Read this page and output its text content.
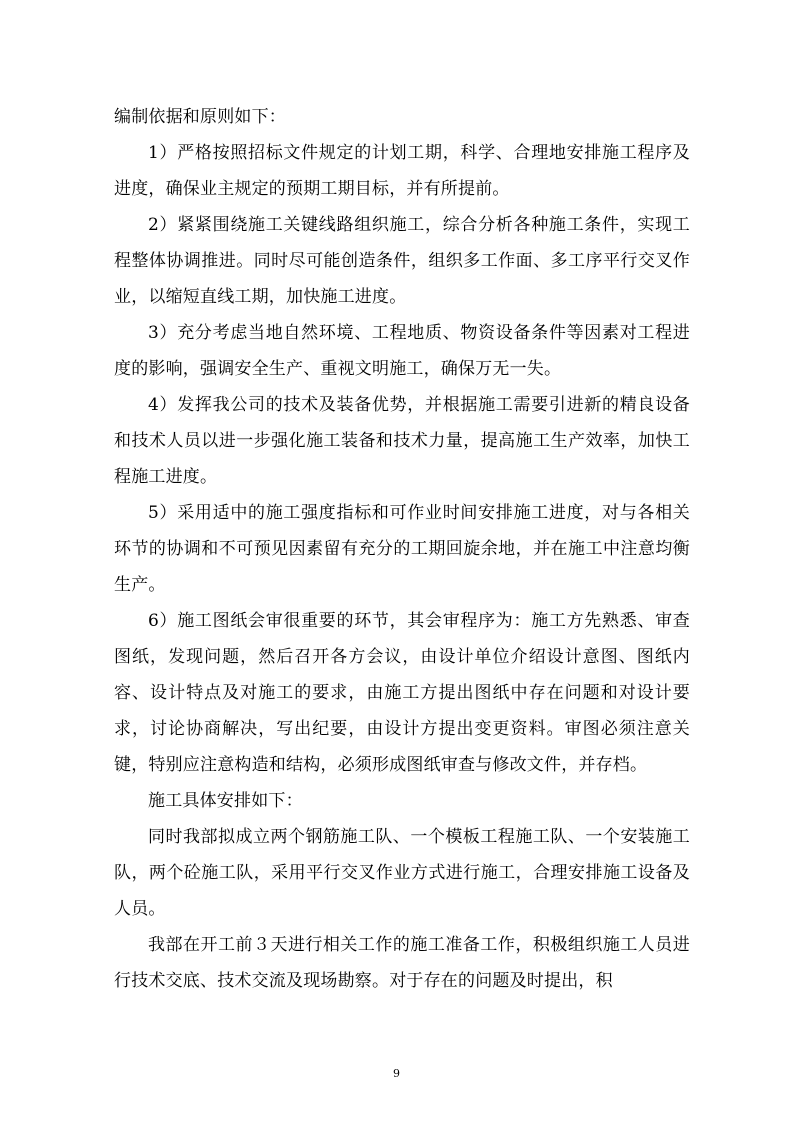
编制依据和原则如下：

1）严格按照招标文件规定的计划工期，科学、合理地安排施工程序及进度，确保业主规定的预期工期目标，并有所提前。

2）紧紧围绕施工关键线路组织施工，综合分析各种施工条件，实现工程整体协调推进。同时尽可能创造条件，组织多工作面、多工序平行交叉作业，以缩短直线工期，加快施工进度。

3）充分考虑当地自然环境、工程地质、物资设备条件等因素对工程进度的影响，强调安全生产、重视文明施工，确保万无一失。

4）发挥我公司的技术及装备优势，并根据施工需要引进新的精良设备和技术人员以进一步强化施工装备和技术力量，提高施工生产效率，加快工程施工进度。

5）采用适中的施工强度指标和可作业时间安排施工进度，对与各相关环节的协调和不可预见因素留有充分的工期回旋余地，并在施工中注意均衡生产。

6）施工图纸会审很重要的环节，其会审程序为：施工方先熟悉、审查图纸，发现问题，然后召开各方会议，由设计单位介绍设计意图、图纸内容、设计特点及对施工的要求，由施工方提出图纸中存在问题和对设计要求，讨论协商解决，写出纪要，由设计方提出变更资料。审图必须注意关键，特别应注意构造和结构，必须形成图纸审查与修改文件，并存档。

施工具体安排如下：

同时我部拟成立两个钢筋施工队、一个模板工程施工队、一个安装施工队，两个砼施工队，采用平行交叉作业方式进行施工，合理安排施工设备及人员。

我部在开工前３天进行相关工作的施工准备工作，积极组织施工人员进行技术交底、技术交流及现场勘察。对于存在的问题及时提出，积

9
